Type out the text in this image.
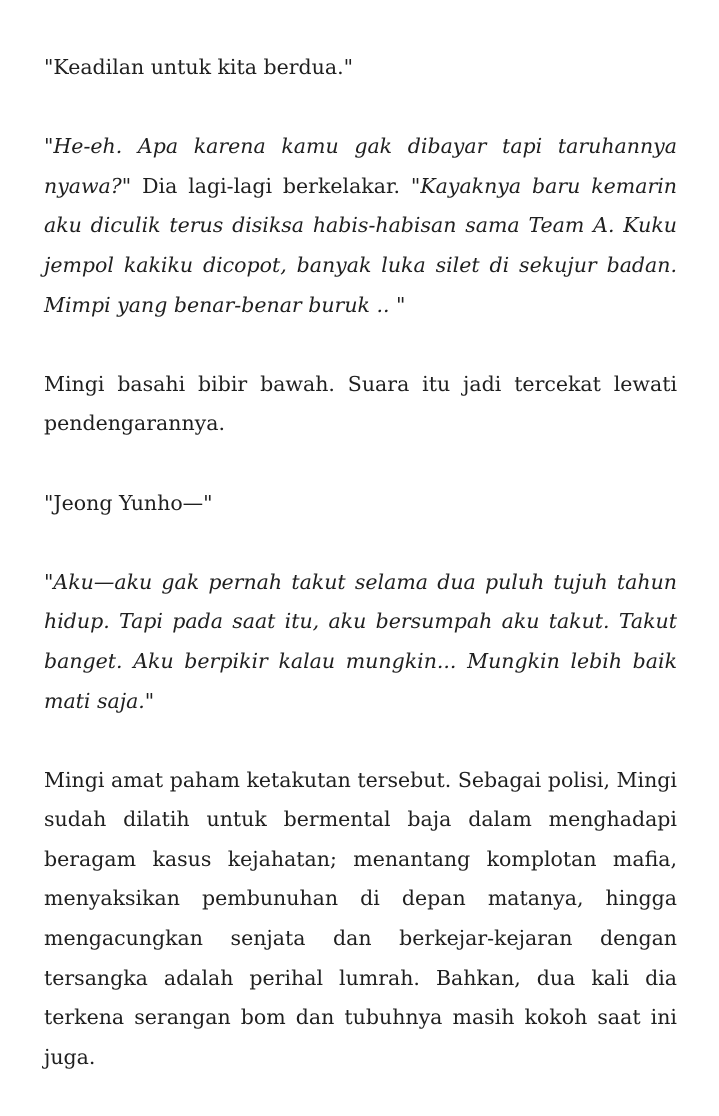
"Keadilan untuk kita berdua."

"He-eh. Apa karena kamu gak dibayar tapi taruhannya nyawa?" Dia lagi-lagi berkelakar. "Kayaknya baru kemarin aku diculik terus disiksa habis-habisan sama Team A. Kuku jempol kakiku dicopot, banyak luka silet di sekujur badan. Mimpi yang benar-benar buruk .. "

Mingi basahi bibir bawah. Suara itu jadi tercekat lewati pendengarannya.

"Jeong Yunho—"

"Aku—aku gak pernah takut selama dua puluh tujuh tahun hidup. Tapi pada saat itu, aku bersumpah aku takut. Takut banget. Aku berpikir kalau mungkin... Mungkin lebih baik mati saja."

Mingi amat paham ketakutan tersebut. Sebagai polisi, Mingi sudah dilatih untuk bermental baja dalam menghadapi beragam kasus kejahatan; menantang komplotan mafia, menyaksikan pembunuhan di depan matanya, hingga mengacungkan senjata dan berkejar-kejaran dengan tersangka adalah perihal lumrah. Bahkan, dua kali dia terkena serangan bom dan tubuhnya masih kokoh saat ini juga.
